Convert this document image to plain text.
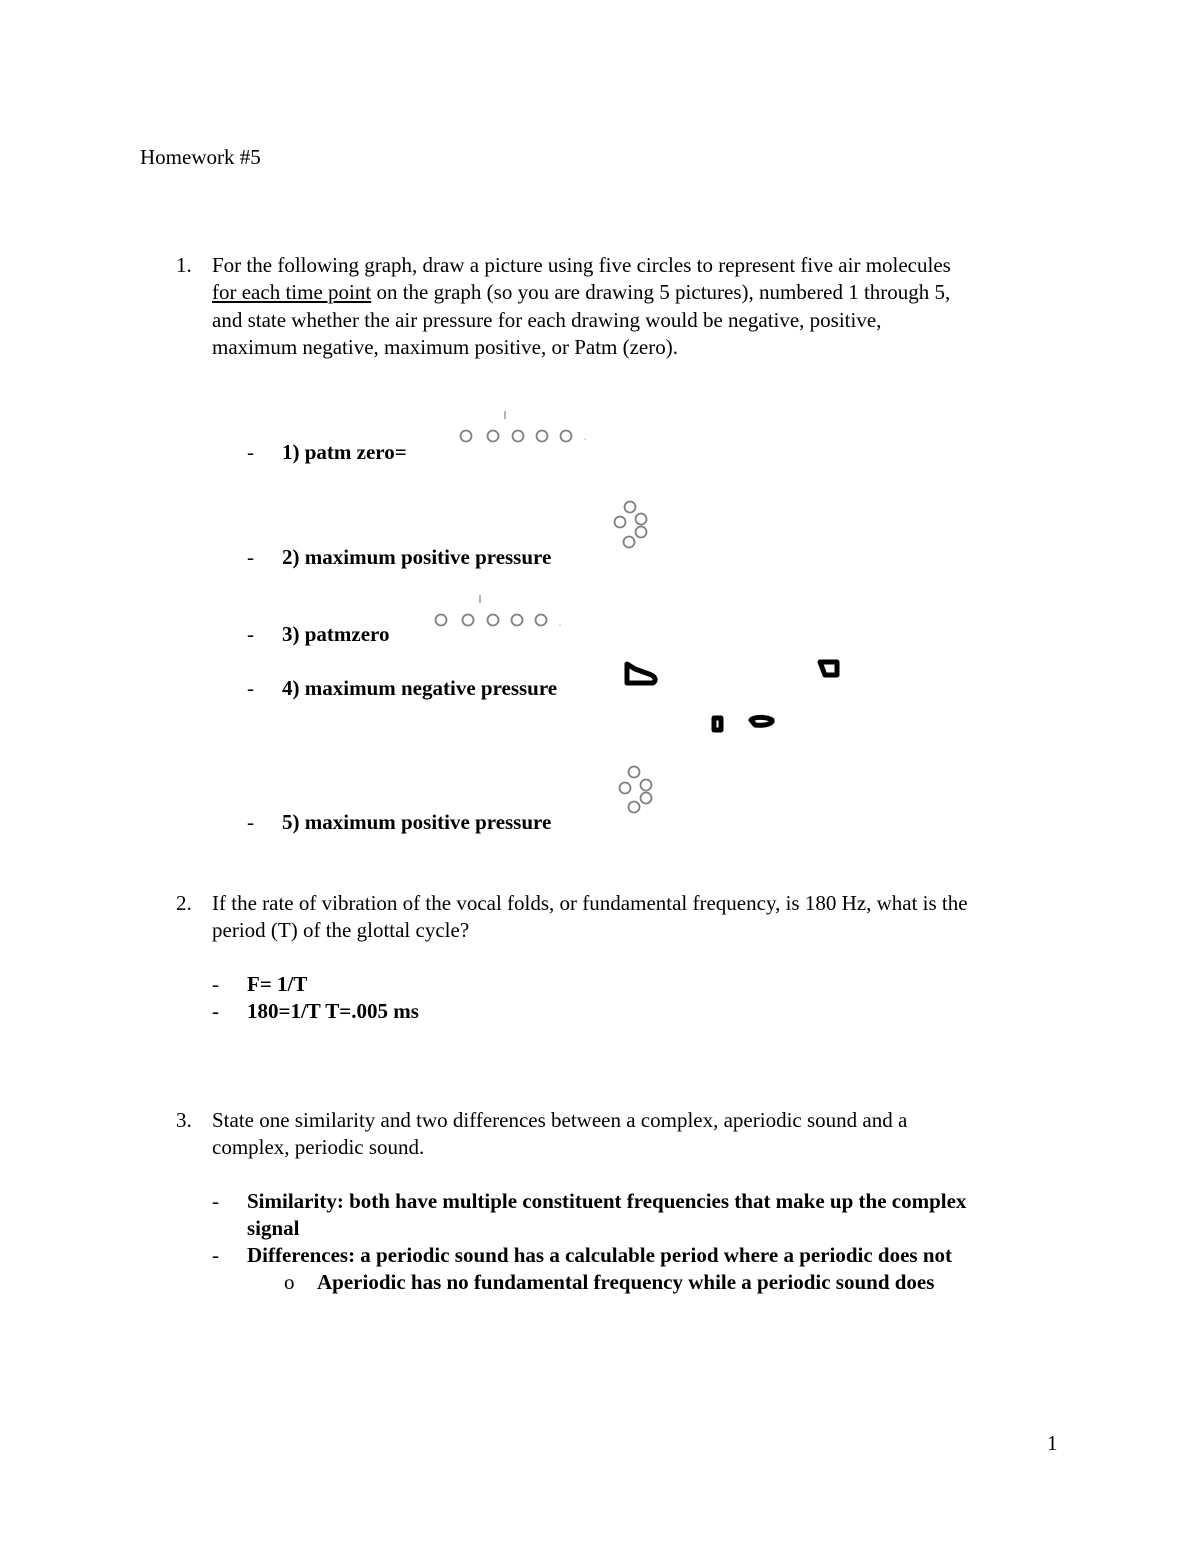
Homework #5
1. For the following graph, draw a picture using five circles to represent five air molecules
for each time point on the graph (so you are drawing 5 pictures), numbered 1 through 5,
and state whether the air pressure for each drawing would be negative, positive,
maximum negative, maximum positive, or Patm (zero).
- 1) patm zero=
- 2) maximum positive pressure
- 3) patmzero
- 4) maximum negative pressure
- 5) maximum positive pressure
2. If the rate of vibration of the vocal folds, or fundamental frequency, is 180 Hz, what is the
period (T) of the glottal cycle?
- F= 1/T
- 180=1/T T=.005 ms
3. State one similarity and two differences between a complex, aperiodic sound and a
complex, periodic sound.
- Similarity: both have multiple constituent frequencies that make up the complex
signal
- Differences: a periodic sound has a calculable period where a periodic does not
o Aperiodic has no fundamental frequency while a periodic sound does
1
